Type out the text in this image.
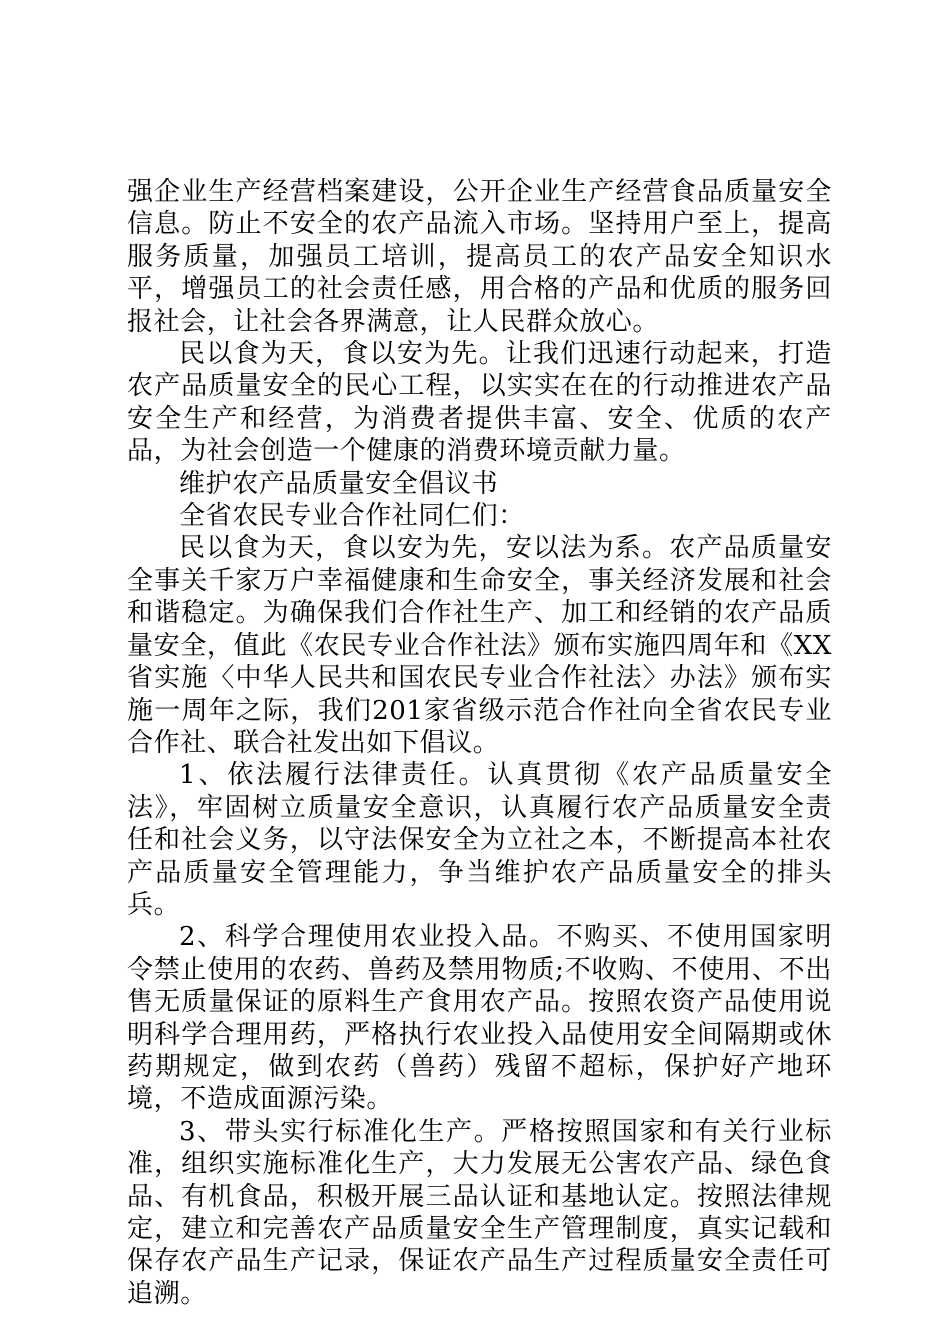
强企业生产经营档案建设，公开企业生产经营食品质量安全信息。防止不安全的农产品流入市场。坚持用户至上，提高服务质量，加强员工培训，提高员工的农产品安全知识水平，增强员工的社会责任感，用合格的产品和优质的服务回报社会，让社会各界满意，让人民群众放心。

民以食为天，食以安为先。让我们迅速行动起来，打造农产品质量安全的民心工程，以实实在在的行动推进农产品安全生产和经营，为消费者提供丰富、安全、优质的农产品，为社会创造一个健康的消费环境贡献力量。

维护农产品质量安全倡议书

全省农民专业合作社同仁们：

民以食为天，食以安为先，安以法为系。农产品质量安全事关千家万户幸福健康和生命安全，事关经济发展和社会和谐稳定。为确保我们合作社生产、加工和经销的农产品质量安全，值此《农民专业合作社法》颁布实施四周年和《XX省实施〈中华人民共和国农民专业合作社法〉办法》颁布实施一周年之际，我们201家省级示范合作社向全省农民专业合作社、联合社发出如下倡议。

1、依法履行法律责任。认真贯彻《农产品质量安全法》，牢固树立质量安全意识，认真履行农产品质量安全责任和社会义务，以守法保安全为立社之本，不断提高本社农产品质量安全管理能力，争当维护农产品质量安全的排头兵。

2、科学合理使用农业投入品。不购买、不使用国家明令禁止使用的农药、兽药及禁用物质;不收购、不使用、不出售无质量保证的原料生产食用农产品。按照农资产品使用说明科学合理用药，严格执行农业投入品使用安全间隔期或休药期规定，做到农药（兽药）残留不超标，保护好产地环境，不造成面源污染。

3、带头实行标准化生产。严格按照国家和有关行业标准，组织实施标准化生产，大力发展无公害农产品、绿色食品、有机食品，积极开展三品认证和基地认定。按照法律规定，建立和完善农产品质量安全生产管理制度，真实记载和保存农产品生产记录，保证农产品生产过程质量安全责任可追溯。
